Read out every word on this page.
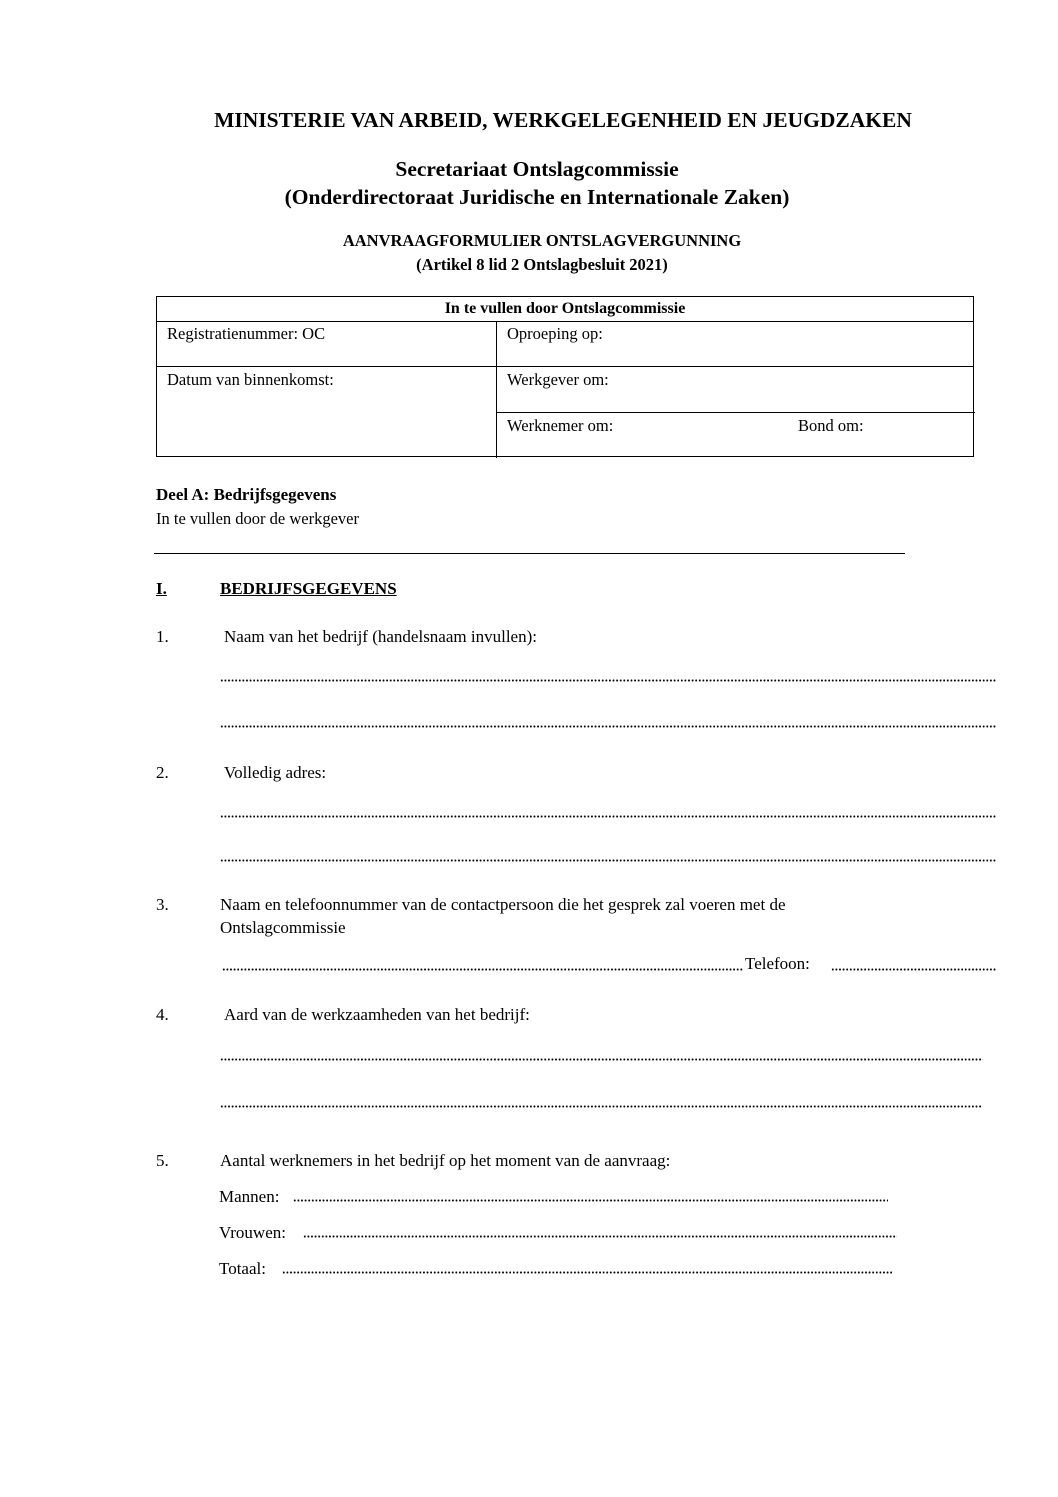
MINISTERIE VAN ARBEID, WERKGELEGENHEID EN JEUGDZAKEN
Secretariaat Ontslagcommissie
(Onderdirectoraat Juridische en Internationale Zaken)
AANVRAAGFORMULIER ONTSLAGVERGUNNING
(Artikel 8 lid 2 Ontslagbesluit 2021)
In te vullen door Ontslagcommissie
Registratienummer: OC	Oproeping op:
Datum van binnenkomst:	Werkgever om:
Werknemer om:	Bond om:
Deel A: Bedrijfsgegevens
In te vullen door de werkgever
I.	BEDRIJFSGEGEVENS
1.	Naam van het bedrijf (handelsnaam invullen):
2.	Volledig adres:
3.	Naam en telefoonnummer van de contactpersoon die het gesprek zal voeren met de
Ontslagcommissie
Telefoon:
4.	Aard van de werkzaamheden van het bedrijf:
5.	Aantal werknemers in het bedrijf op het moment van de aanvraag:
Mannen:
Vrouwen:
Totaal:
